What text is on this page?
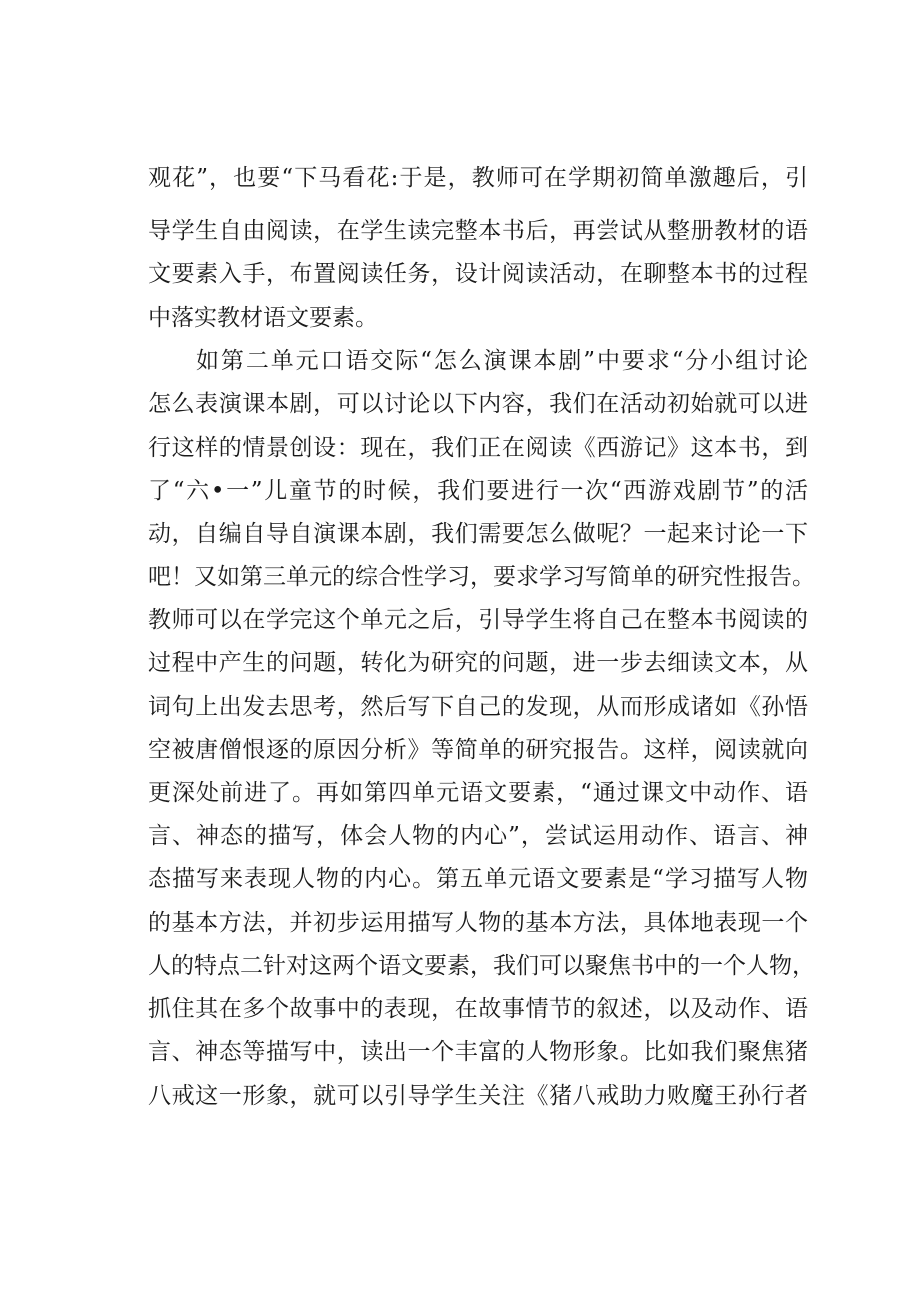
观花”，也要“下马看花:于是，教师可在学期初简单激趣后，引
导学生自由阅读，在学生读完整本书后，再尝试从整册教材的语
文要素入手，布置阅读任务，设计阅读活动，在聊整本书的过程
中落实教材语文要素。
如第二单元口语交际“怎么演课本剧”中要求“分小组讨论
怎么表演课本剧，可以讨论以下内容，我们在活动初始就可以进
行这样的情景创设：现在，我们正在阅读《西游记》这本书，到
了“六•一”儿童节的时候，我们要进行一次“西游戏剧节”的活
动，自编自导自演课本剧，我们需要怎么做呢？一起来讨论一下
吧！又如第三单元的综合性学习，要求学习写简单的研究性报告。
教师可以在学完这个单元之后，引导学生将自己在整本书阅读的
过程中产生的问题，转化为研究的问题，进一步去细读文本，从
词句上出发去思考，然后写下自己的发现，从而形成诸如《孙悟
空被唐僧恨逐的原因分析》等简单的研究报告。这样，阅读就向
更深处前进了。再如第四单元语文要素，“通过课文中动作、语
言、神态的描写，体会人物的内心”，尝试运用动作、语言、神
态描写来表现人物的内心。第五单元语文要素是“学习描写人物
的基本方法，并初步运用描写人物的基本方法，具体地表现一个
人的特点二针对这两个语文要素，我们可以聚焦书中的一个人物，
抓住其在多个故事中的表现，在故事情节的叙述，以及动作、语
言、神态等描写中，读出一个丰富的人物形象。比如我们聚焦猪
八戒这一形象，就可以引导学生关注《猪八戒助力败魔王孙行者
